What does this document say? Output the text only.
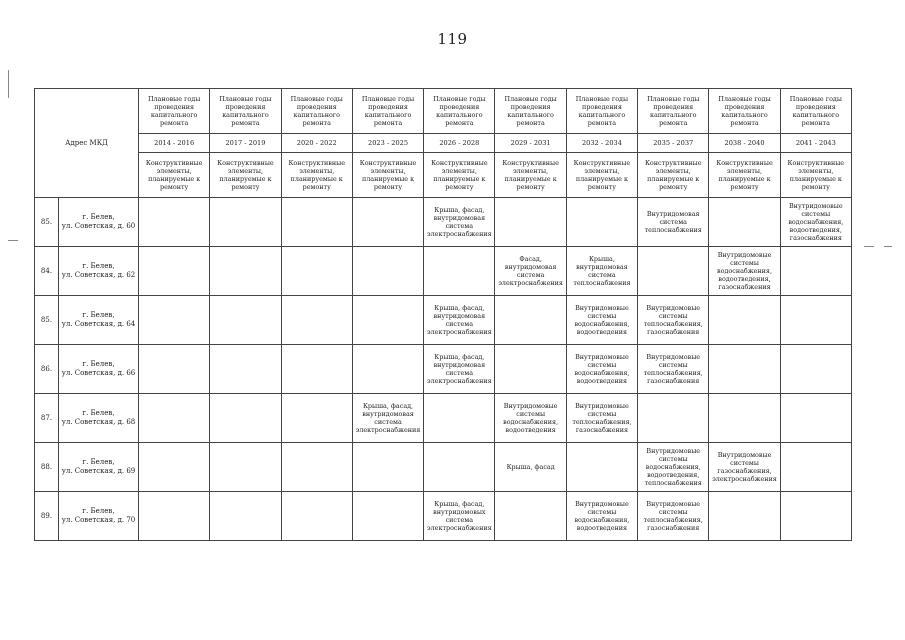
119
Адрес МКД		Плановые годы проведения капитального ремонта	Плановые годы проведения капитального ремонта	Плановые годы проведения капитального ремонта	Плановые годы проведения капитального ремонта	Плановые годы проведения капитального ремонта	Плановые годы проведения капитального ремонта	Плановые годы проведения капитального ремонта	Плановые годы проведения капитального ремонта	Плановые годы проведения капитального ремонта	Плановые годы проведения капитального ремонта
		2014 - 2016	2017 - 2019	2020 - 2022	2023 - 2025	2026 - 2028	2029 - 2031	2032 - 2034	2035 - 2037	2038 - 2040	2041 - 2043
		Конструктивные элементы, планируемые к ремонту	Конструктивные элементы, планируемые к ремонту	Конструктивные элементы, планируемые к ремонту	Конструктивные элементы, планируемые к ремонту	Конструктивные элементы, планируемые к ремонту	Конструктивные элементы, планируемые к ремонту	Конструктивные элементы, планируемые к ремонту	Конструктивные элементы, планируемые к ремонту	Конструктивные элементы, планируемые к ремонту	Конструктивные элементы, планируемые к ремонту
85.	г. Белев,
ул. Советская, д. 60					Крыша, фасад, внутридомовая система электроснабжения			Внутридомовая система теплоснабжения		Внутридомовые системы водоснабжения, водоотведения, газоснабжения
84.	г. Белев,
ул. Советская, д. 62						Фасад, внутридомовая система электроснабжения	Крыша, внутридомовая система теплоснабжения		Внутридомовые системы водоснабжения, водоотведения, газоснабжения	
85.	г. Белев,
ул. Советская, д. 64					Крыша, фасад, внутридомовая система электроснабжения		Внутридомовые системы водоснабжения, водоотведения	Внутридомовые системы теплоснабжения, газоснабжения		
86.	г. Белев,
ул. Советская, д. 66					Крыша, фасад, внутридомовая система электроснабжения		Внутридомовые системы водоснабжения, водоотведения	Внутридомовые системы теплоснабжения, газоснабжения		
87.	г. Белев,
ул. Советская, д. 68				Крыша, фасад, внутридомовая система электроснабжения		Внутридомовые системы водоснабжения, водоотведения	Внутридомовые системы теплоснабжения, газоснабжения			
88.	г. Белев,
ул. Советская, д. 69						Крыша, фасад		Внутридомовые системы водоснабжения, водоотведения, теплоснабжения	Внутридомовые системы газоснабжения, электроснабжения	
89.	г. Белев,
ул. Советская, д. 70					Крыша, фасад, внутридомовых система электроснабжения		Внутридомовые системы водоснабжения, водоотведения	Внутридомовые системы теплоснабжения, газоснабжения		
